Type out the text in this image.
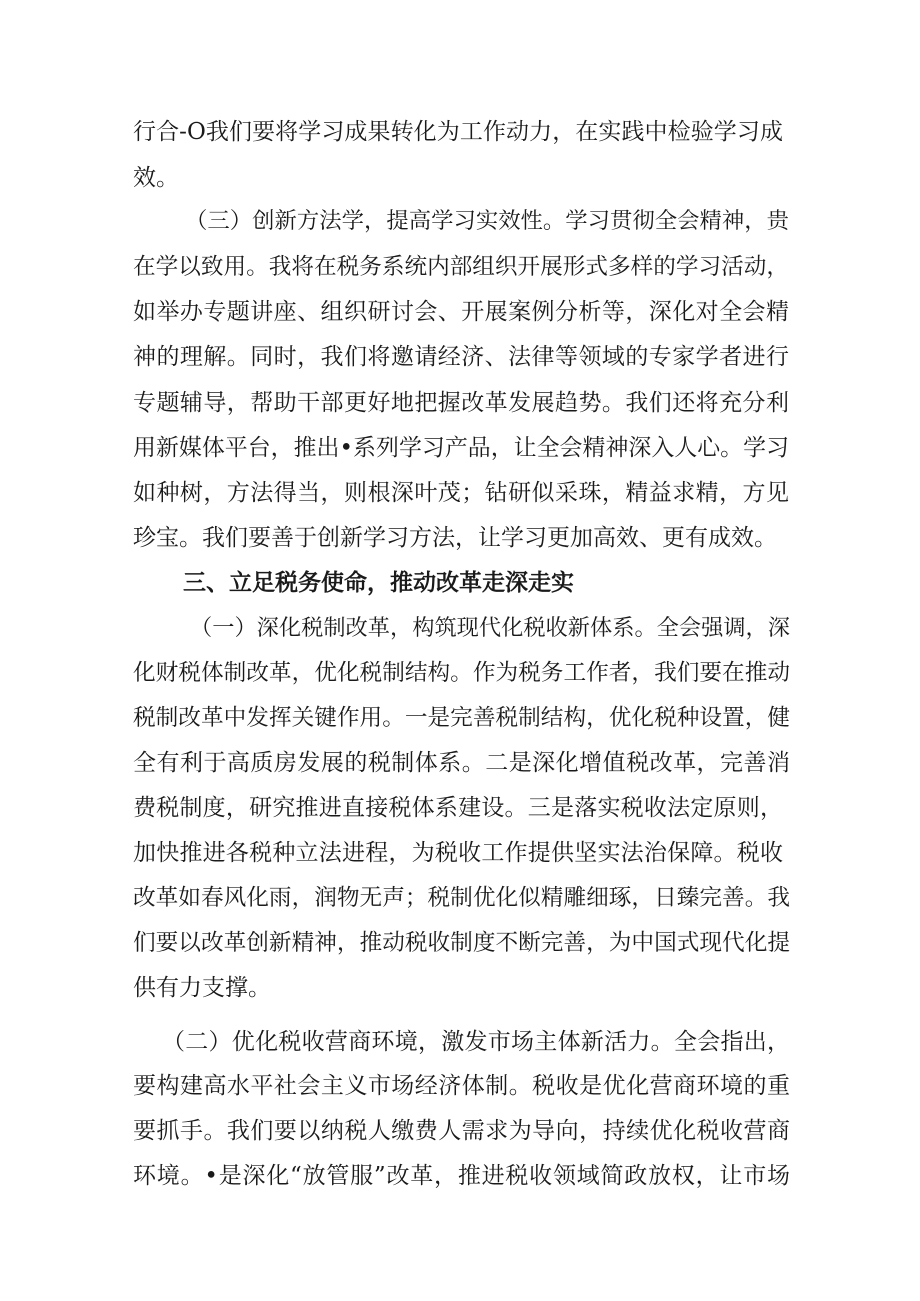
行合-O我们要将学习成果转化为工作动力，在实践中检验学习成
效。
（三）创新方法学，提高学习实效性。学习贯彻全会精神，贵
在学以致用。我将在税务系统内部组织开展形式多样的学习活动，
如举办专题讲座、组织研讨会、开展案例分析等，深化对全会精
神的理解。同时，我们将邀请经济、法律等领域的专家学者进行
专题辅导，帮助干部更好地把握改革发展趋势。我们还将充分利
用新媒体平台，推出•系列学习产品，让全会精神深入人心。学习
如种树，方法得当，则根深叶茂；钻研似采珠，精益求精，方见
珍宝。我们要善于创新学习方法，让学习更加高效、更有成效。
三、立足税务使命，推动改革走深走实
（一）深化税制改革，构筑现代化税收新体系。全会强调，深
化财税体制改革，优化税制结构。作为税务工作者，我们要在推动
税制改革中发挥关键作用。一是完善税制结构，优化税种设置，健
全有利于高质房发展的税制体系。二是深化增值税改革，完善消
费税制度，研究推进直接税体系建设。三是落实税收法定原则，
加快推进各税种立法进程，为税收工作提供坚实法治保障。税收
改革如春风化雨，润物无声；税制优化似精雕细琢，日臻完善。我
们要以改革创新精神，推动税收制度不断完善，为中国式现代化提
供有力支撑。
（二）优化税收营商环境，激发市场主体新活力。全会指出，
要构建高水平社会主义市场经济体制。税收是优化营商环境的重
要抓手。我们要以纳税人缴费人需求为导向，持续优化税收营商
环境。•是深化“放管服”改革，推进税收领域简政放权，让市场
